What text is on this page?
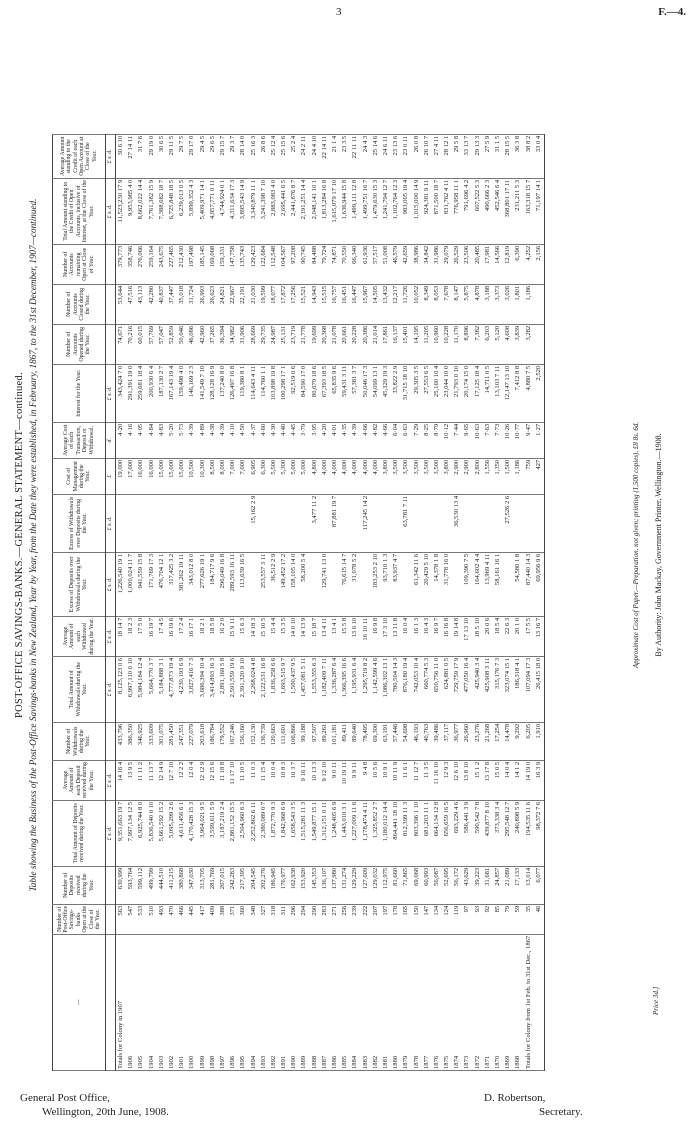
3	F.—4.
POST-OFFICE SAVINGS-BANKS.—GENERAL STATEMENT—continued. Table showing the Business of the Post-Office Savings-banks in New Zealand, Year by Year, from the Date they were established, in February, 1867, to the 31st December, 1907—continued.
—	Number of Post-Office Savings-banks Open at the Close of the Year.	Number of Deposits received during the Year.	Total Amount of Deposits received during the Year.	Average Amount of each Deposit received during the Year.	Number of Withdrawals during the Year.	Total Amount of Withdrawals during the Year.	Average Amount of each Withdrawal during the Year.	Excess of Deposits over Withdrawals during the Year.	Excess of Withdrawals over Deposits during the Year.	Cost of Management during the Year.	Average Cost of each Transaction, Deposit or Withdrawal.	Interest for the Year.	Number of Accounts Opened during the Year.	Number of Accounts Closed during the Year.	Number of Accounts remaining Open at Close of Year.	Total Amount standing to the Credit of Open Accounts, inclusive of Interest, at the Close of the Year.	Average Amount standing to the Credit of each Open Account at Close of the Year.
			£ s. d.	£ s. d.		£ s. d.	£ s. d.	£ s. d.	£ s. d.	£	d.	£ s. d.				£ s. d.	£ s. d.
Totals for Colony in 1907	563	630,999	9,351,663 19 7	14 16 4	433,796	8,125,123 0 6	18 14 7	1,226,540 19 1		19,000	4·20	343,424 7 0	74,671	53,644	379,773	11,523,230 17 9	30 6 10
1906	547	593,764	7,997,134 12 5	13 9 5	386,350	6,997,110 0 10	18 2 3	1,000,024 11 7		17,000	4·16	291,391 19 0	70,216	47,516	358,746	9,953,985 4 0	27 14 11
1905	533	599,112	6,925,744 8 0	11 11 2	346,925	5,984,184 12 4	17 5 0	941,559 15 8		16,000	4·05	259,681 18 4	60,015	43,113	276,066	8,662,022 14 4	31 7 6
1904	510	499,799	5,836,540 0 10	11 13 7	333,609	5,664,770 3 7	16 19 7	171,769 17 3		16,000	4·84	200,930 6 4	57,769	42,280	259,164	7,761,382 15 9	29 19 0
1903	493	444,510	5,661,592 15 2	12 14 9	301,075	5,184,888 3 1	17 4 5	476,704 12 1		15,000	4·83	187,130 2 7	57,047	40,837	243,675	7,388,682 18 7	30 6 5
1902	470	411,215	5,095,299 2 6	12 7 10	281,450	4,777,873 19 4	16 19 6	317,425 3 2		15,000	5·20	167,143 19 4	52,859	37,447	227,465	6,725,848 18 5	29 11 5
1901	466	380,868	4,611,456 6 1	12 2 2	247,351	4,230,193 6 9	17 2 4	381,262 19 11		15,000	5·73	159,498 4 0	50,046	35,018	212,430	6,239,013 0 5	29 7 5
1900	445	347,030	4,170,428 15 3	12 0 4	227,079	3,827,416 7 3	16 17 1	343,012 8 0		10,500	4·39	146,169 2 3	46,086	31,724	197,498	5,899,352 4 3	29 17 0
1899	417	313,705	3,964,021 9 5	12 12 9	203,618	3,686,394 10 4	18 2 1	277,626 19 1		10,300	4·89	141,549 7 10	42,960	26,993	185,145	5,409,971 14 1	29 4 5
1898	409	281,769	3,599,611 5 9	12 15 6	186,784	3,414,893 16 3	18 5 8	184,717 9 6		8,500	4·38	128,128 16 9	37,265	26,623	169,068	4,957,771 0 11	29 6 5
1897	388	267,015	3,187,219 2 4	11 18 8	179,552	2,891,169 5 8	16 2 0	296,049 16 8		8,000	4·39	137,240 8 0	36,394	24,821	159,331	4,744,924 0 1	29 15 7
1896	371	242,283	2,881,152 15 5	11 17 10	167,246	2,591,559 19 6	15 9 11	289,593 16 11		7,000	4·10	126,497 16 8	34,982	22,967	147,758	4,311,634 17 3	29 3 7
1895	360	217,395	2,504,960 6 3	11 10 5	156,160	2,391,320 9 10	15 6 3	113,639 16 5		7,000	4·50	119,380 8 1	31,906	22,191	135,743	3,895,543 14 9	28 14 0
1894	348	204,545	2,252,862 6 11	11 0 3	152,130	2,268,024 4 8	14 18 3		15,162 2 9	6,905	4·37	114,643 4 11	28,669	21,030	129,423	3,340,879 11 1	25 16 3
1893	327	202,276	2,380,089 0 7	11 15 4	136,739	2,122,531 16 8	15 10 5	253,557 3 11		6,300	4·60	114,760 1 1	29,735	19,599	122,684	3,241,398 7 10	26 8 6
1892	318	186,945	1,872,770 9 3	10 0 4	120,663	1,836,258 6 6	15 4 4	36,512 2 9		5,500	4·30	103,898 19 8	24,987	18,077	112,548	2,883,083 4 0	25 12 4
1891	311	176,977	1,842,968 6 9	10 8 3	111,601	1,693,515 9 7	15 3 5	149,452 17 2		5,300	4·40	100,298 17 1	25,131	17,872	104,567	2,695,441 6 5	25 15 6
1890	296	162,938	1,658,543 3 5	10 3 7	106,866	1,500,437 9 5	14 0 10	158,105 14 0		5,000	4·45	92,519 0 6	23,719	17,256	97,208	2,441,876 8 7	25 2 4
1889	294	153,920	1,515,281 11 3	9 16 11	99,188	1,457,081 5 11	14 13 9	58,200 5 4		5,000	3·79	84,590 17 0	21,778	15,521	90,745	2,191,251 14 4	24 2 11
1888	290	145,353	1,549,877 15 1	10 13 3	97,507	1,553,355 6 3	15 18 7		3,477 11 2	4,800	3·95	80,679 18 6	19,699	14,943	84,488	2,048,141 10 1	24 4 10
1887	283	136,107	1,312,151 0 11	9 12 10	89,261	1,182,409 7 11	13 4 11	129,741 13 0		4,000	4·20	67,393 18 5	20,368	15,515	79,724	1,813,284 16 8	22 14 11
1886	271	137,980	1,248,405 6 9	9 0 11	101,181	1,336,287 6 4	13 4 1		87,881 19 7	4,000	4·01	65,835 9 6	21,078	16,757	74,871	1,615,079 17 10	21 1 4
1885	256	131,274	1,443,010 3 1	10 19 11	89,411	1,366,395 16 6	15 5 8	76,615 14 7		4,000	4·35	59,431 3 11	20,661	16,451	70,550	1,636,944 15 8	23 3 5
1884	239	129,229	1,227,009 11 6	9 9 11	89,640	1,195,931 6 4	13 6 10	31,078 5 2		4,000	4·39	57,381 3 7	20,228	16,447	66,340	1,499,111 12 8	22 11 11
1883	222	127,609	1,178,474 4 11	9 4 8	78,495	1,295,719 8 2	16 10 11		117,245 14 2	4,000	4·66	50,046 17 3	20,386	15,967	61,936	1,499,751 16 7	24 4 3
1882	207	129,032	1,325,852 2 7	10 5 6	69,300	1,142,599 4 6	16 9 8	183,253 2 10		4,000	4·82	54,099 13 1	21,014	14,505	57,517	1,479,630 15 3	25 14 6
1881	197	112,975	1,180,012 14 4	10 9 1	63,191	1,086,302 13 1	17 3 10	93,710 1 3		3,800	4·66	45,329 19 3	17,861	13,432	51,008	1,241,794 12 7	24 6 11
1880	178	81,660	864,441 18 10	10 11 9	57,446	780,504 14 3	13 11 8	83,937 4 7		3,500	6·04	33,822 2 9	16,137	12,217	46,579	1,102,764 12 3	23 13 6
1879	165	71,865	812,399 11 3	11 6 1	54,698	876,180 19 4	16 0 4		63,781 7 11	3,500	6·63	31,715 18 10	15,401	11,726	42,659	983,005 19 4	23 0 11
1878	150	69,068	803,396 1 10	11 12 7	46,193	742,053 10 4	16 1 3	61,342 11 6		3,500	7·29	29,305 3 5	14,195	10,052	38,986	1,015,000 14 9	26 0 8
1877	147	60,993	681,203 11 1	11 3 5	40,763	660,774 5 3	16 4 3	20,429 5 10		3,500	8·25	27,553 6 5	11,205	8,349	34,842	924,381 9 11	26 10 7
1876	134	56,087	664,134 12 8	11 16 10	39,486	650,756 11 0	16 9 7	14,378 1 8		3,500	8·79	25,160 10 4	10,960	8,053	31,986	871,500 18 7	27 4 11
1875	124	52,695	656,659 16 5	12 9 3	37,117	624,881 0 5	16 16 8	31,778 16 0		3,800	10·12	23,044 10 0	10,228	7,678	29,079	831,762 4 11	28 12 1
1874	119	56,172	693,229 4 6	12 6 10	36,977	729,759 17 9	19 14 8		36,530 13 4	2,900	7·44	21,793 0 10	11,170	8,147	26,529	776,958 11 1	29 5 8
1873	97	43,629	586,441 3 9	13 8 10	26,960	477,050 16 4	17 13 10	109,390 7 5		2,900	9·65	20,174 15 0	8,896	5,875	23,506	791,696 4 2	33 13 7
1872	93	39,223	590,542 7 8	15 1 2	23,276	425,940 3 4	18 5 10	164,602 4 4		2,800	10·63	17,125 18 4	7,382	4,878	20,485	607,522 5 3	29 13 3
1871	92	31,681	439,877 8 10	13 17 8	21,268	425,908 3 11	20 0 6	13,969 4 11		1,556	7·63	14,711 0 5	6,203	3,188	17,981	490,666 2 3	27 5 9
1870	85	24,857	373,338 3 4	15 0 5	17,254	315,176 7 3	18 5 4	58,161 16 1		1,350	7·73	13,103 7 11	5,120	3,373	14,566	452,546 6 4	31 1 5
1869	79	21,089	295,548 12 7	14 0 4	14,478	323,074 15 1	22 6 3		27,526 2 6	1,500	10·26	12,147 13 10	4,608	3,026	12,819	368,801 17 11	28 15 5
1868	59	17,133	240,898 5 9	14 1 2	9,292	186,318 4 1	20 1 0	54,580 1 8		1,186	10·77	7,412 8 8	3,839	1,801	6,390	231,211 5 3	36 3 8
Totals for Colony from 1st Feb. to 31st Dec., 1867	35	13,014	194,535 11 6	14 19 0	6,205	107,094 17 3	17 5 5	87,440 14 3		759	9·47	4,880 7 5	3,282	1,186	4,252	163,318 15 7	38 8 2
	46	6,077	98,372 7 6	16 3 9	1,910	26,415 18 0	13 16 7	69,956 9 6		427	1·27	2,520			2,156	71,197 14 1	33 0 4
Price 3d.]
Approximate Cost of Paper.—Preparation, not given; printing (1,500 copies), £8 8s. 6d. By Authority: John Mackay, Government Printer, Wellington.—1908.
General Post Office,
Wellington, 20th June, 1908.
D. Robertson,
Secretary.
